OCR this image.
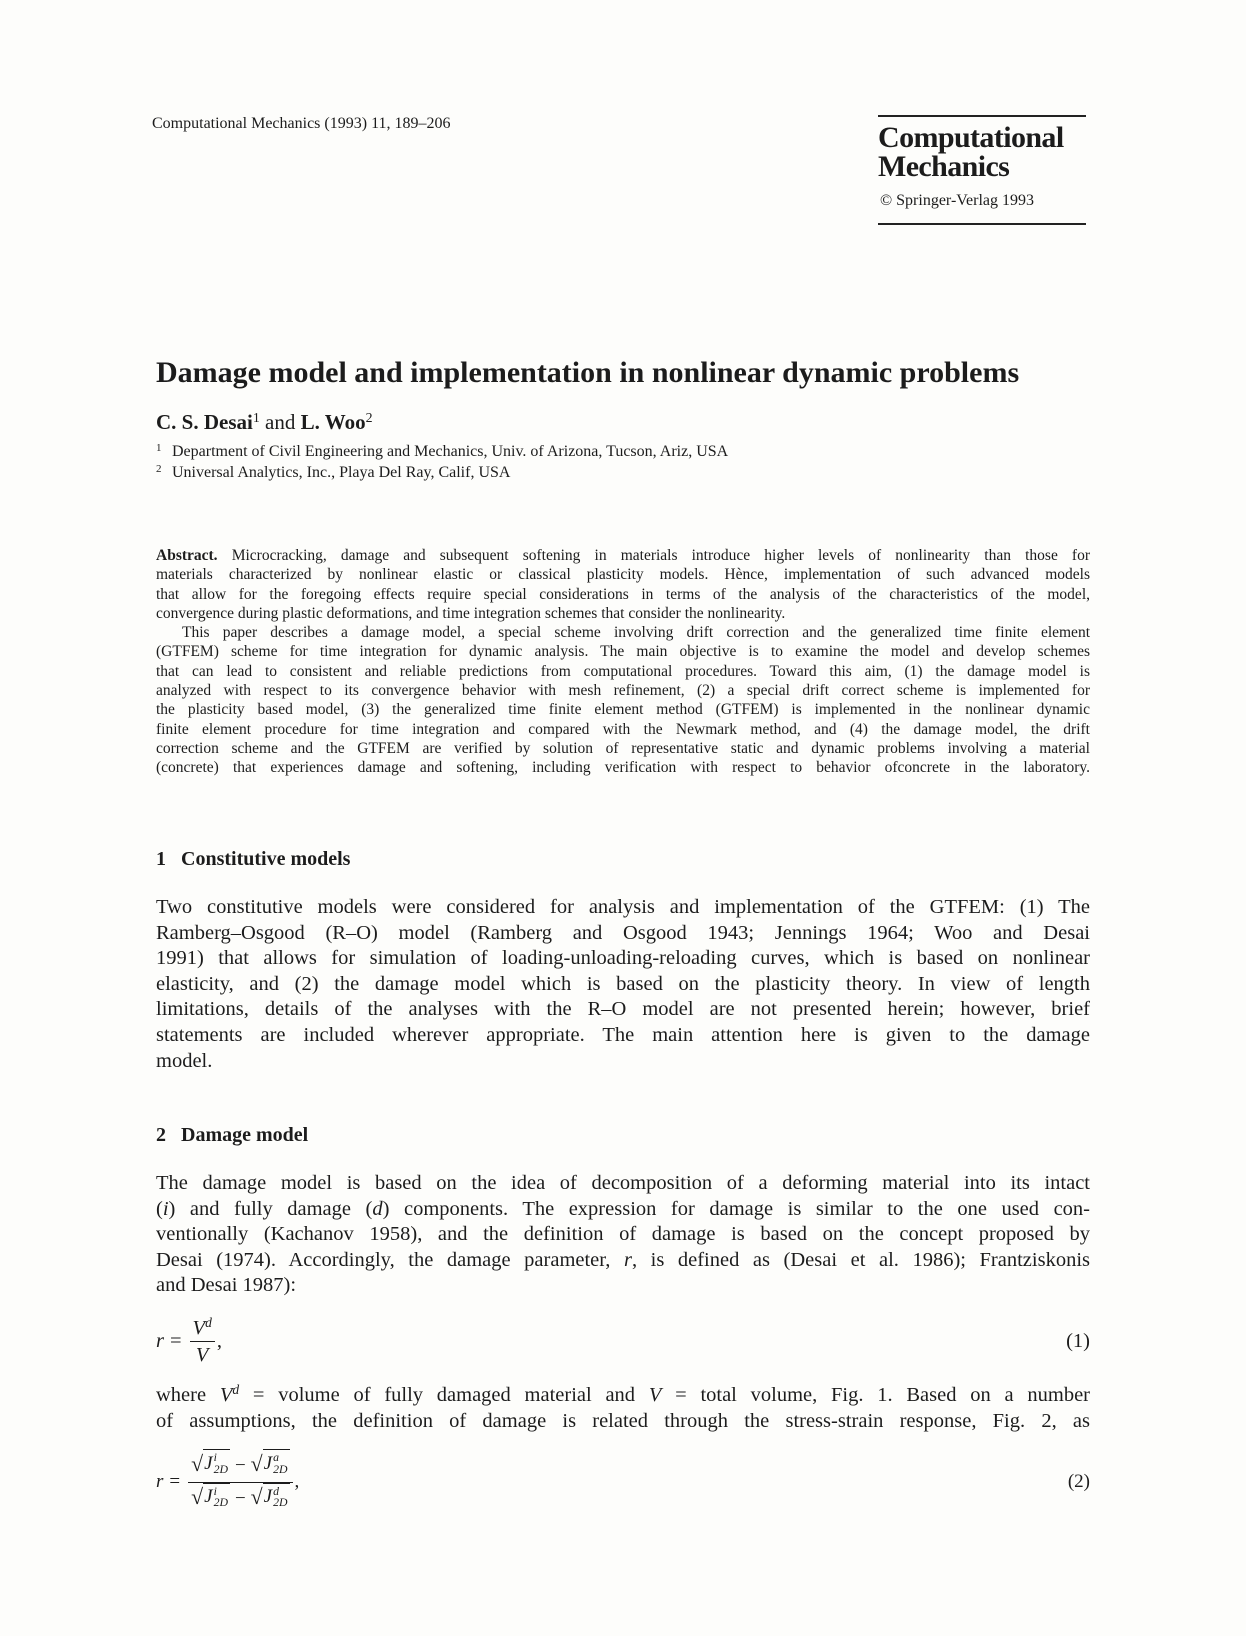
Computational Mechanics (1993) 11, 189–206	Computational
Mechanics
© Springer-Verlag 1993
Damage model and implementation in nonlinear dynamic problems
C. S. Desai$^1$ and L. Woo$^2$
1 Department of Civil Engineering and Mechanics, Univ. of Arizona, Tucson, Ariz, USA
2 Universal Analytics, Inc., Playa Del Ray, Calif, USA
Abstract. Microcracking, damage and subsequent softening in materials introduce higher levels of nonlinearity than those for
materials characterized by nonlinear elastic or classical plasticity models. Hènce, implementation of such advanced models
that allow for the foregoing effects require special considerations in terms of the analysis of the characteristics of the model,
convergence during plastic deformations, and time integration schemes that consider the nonlinearity.
This paper describes a damage model, a special scheme involving drift correction and the generalized time finite element
(GTFEM) scheme for time integration for dynamic analysis. The main objective is to examine the model and develop schemes
that can lead to consistent and reliable predictions from computational procedures. Toward this aim, (1) the damage model is
analyzed with respect to its convergence behavior with mesh refinement, (2) a special drift correct scheme is implemented for
the plasticity based model, (3) the generalized time finite element method (GTFEM) is implemented in the nonlinear dynamic
finite element procedure for time integration and compared with the Newmark method, and (4) the damage model, the drift
correction scheme and the GTFEM are verified by solution of representative static and dynamic problems involving a material
(concrete) that experiences damage and softening, including verification with respect to behavior ofconcrete in the laboratory.
1 Constitutive models
Two constitutive models were considered for analysis and implementation of the GTFEM: (1) The
Ramberg–Osgood (R–O) model (Ramberg and Osgood 1943; Jennings 1964; Woo and Desai
1991) that allows for simulation of loading-unloading-reloading curves, which is based on nonlinear
elasticity, and (2) the damage model which is based on the plasticity theory. In view of length
limitations, details of the analyses with the R–O model are not presented herein; however, brief
statements are included wherever appropriate. The main attention here is given to the damage
model.
2 Damage model
The damage model is based on the idea of decomposition of a deforming material into its intact
(i) and fully damage (d) components. The expression for damage is similar to the one used con-
ventionally (Kachanov 1958), and the definition of damage is based on the concept proposed by
Desai (1974). Accordingly, the damage parameter, r, is defined as (Desai et al. 1986); Frantziskonis
and Desai 1987):
$r = \frac{V^d}{V}$ ,	(1)
where $V^d$ = volume of fully damaged material and V = total volume, Fig. 1. Based on a number
of assumptions, the definition of damage is related through the stress-strain response, Fig. 2, as
r = √ J i
2D − √ J a
2D
√ J i
2D − √ J d
2D ,	(2)
